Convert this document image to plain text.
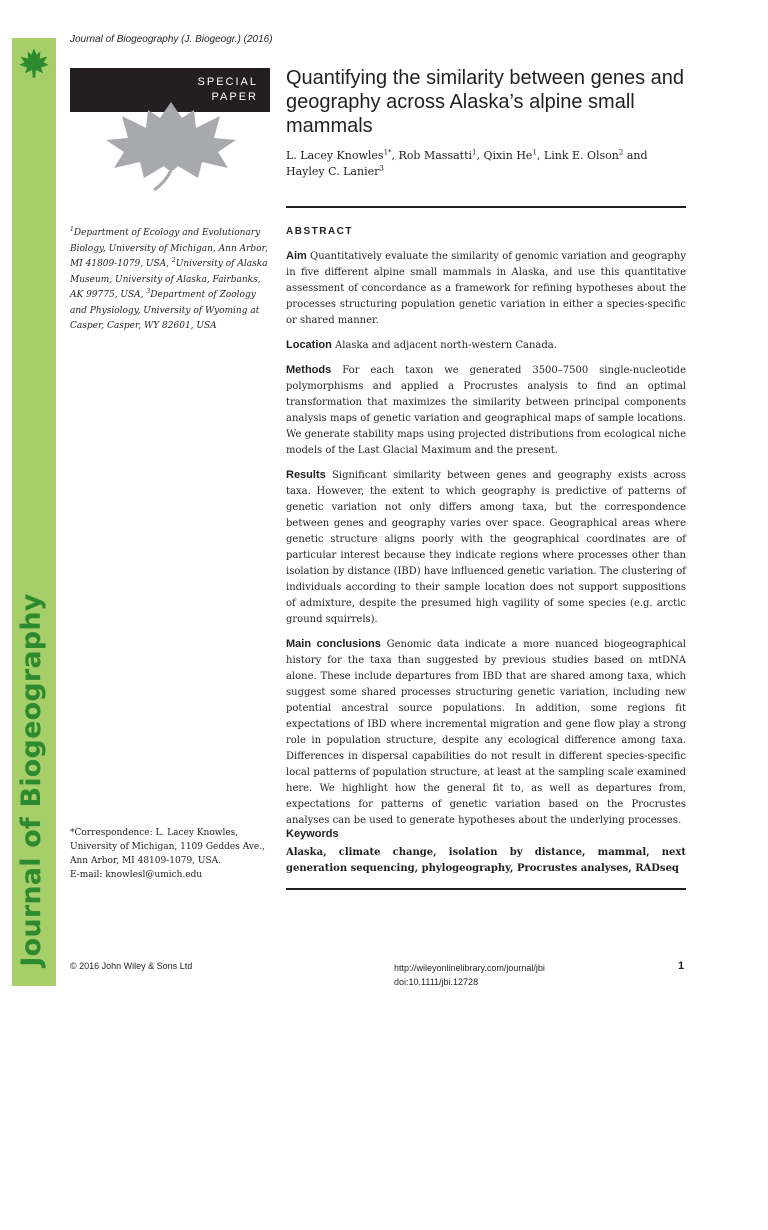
Journal of Biogeography
Journal of Biogeography (J. Biogeogr.) (2016)
SPECIAL
PAPER
Quantifying the similarity between genes and geography across Alaska’s alpine small mammals
L. Lacey Knowles$^{1*}$, Rob Massatti$^1$, Qixin He$^1$, Link E. Olson$^2$ and Hayley C. Lanier$^3$
$^1$Department of Ecology and Evolutionary Biology, University of Michigan, Ann Arbor, MI 41809-1079, USA, $^2$University of Alaska Museum, University of Alaska, Fairbanks, AK 99775, USA, $^3$Department of Zoology and Physiology, University of Wyoming at Casper, Casper, WY 82601, USA
*Correspondence: L. Lacey Knowles, University of Michigan, 1109 Geddes Ave., Ann Arbor, MI 48109-1079, USA.
E-mail: knowlesl@umich.edu
ABSTRACT

Aim Quantitatively evaluate the similarity of genomic variation and geography in five different alpine small mammals in Alaska, and use this quantitative assessment of concordance as a framework for refining hypotheses about the processes structuring population genetic variation in either a species-specific or shared manner.

Location Alaska and adjacent north-western Canada.

Methods For each taxon we generated 3500–7500 single-nucleotide polymorphisms and applied a Procrustes analysis to find an optimal transformation that maximizes the similarity between principal components analysis maps of genetic variation and geographical maps of sample locations. We generate stability maps using projected distributions from ecological niche models of the Last Glacial Maximum and the present.

Results Significant similarity between genes and geography exists across taxa. However, the extent to which geography is predictive of patterns of genetic variation not only differs among taxa, but the correspondence between genes and geography varies over space. Geographical areas where genetic structure aligns poorly with the geographical coordinates are of particular interest because they indicate regions where processes other than isolation by distance (IBD) have influenced genetic variation. The clustering of individuals according to their sample location does not support suppositions of admixture, despite the presumed high vagility of some species (e.g. arctic ground squirrels).

Main conclusions Genomic data indicate a more nuanced biogeographical history for the taxa than suggested by previous studies based on mtDNA alone. These include departures from IBD that are shared among taxa, which suggest some shared processes structuring genetic variation, including new potential ancestral source populations. In addition, some regions fit expectations of IBD where incremental migration and gene flow play a strong role in population structure, despite any ecological difference among taxa. Differences in dispersal capabilities do not result in different species-specific local patterns of population structure, at least at the sampling scale examined here. We highlight how the general fit to, as well as departures from, expectations for patterns of genetic variation based on the Procrustes analyses can be used to generate hypotheses about the underlying processes.

Keywords
Alaska, climate change, isolation by distance, mammal, next generation sequencing, phylogeography, Procrustes analyses, RADseq
© 2016 John Wiley & Sons Ltd	http://wileyonlinelibrary.com/journal/jbi
doi:10.1111/jbi.12728
1
